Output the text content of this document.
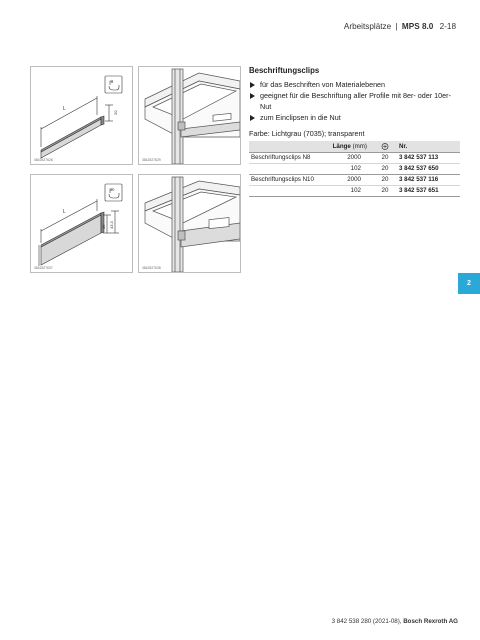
Arbeitsplätze | MPS 8.0 2-18
L
20
8
3842527628	3842527629
L
36 43,3
10
3842527637	3842527638
Beschriftungsclips
für das Beschriften von Materialebenen
geeignet für die Beschriftung aller Profile mit 8er- oder 10er-Nut
zum Einclipsen in die Nut
Farbe: Lichtgrau (7035); transparent
	Länge (mm)		Nr.
Beschriftungsclips N8	2000	20	3 842 537 113
	102	20	3 842 537 650
Beschriftungsclips N10	2000	20	3 842 537 116
	102	20	3 842 537 651
2
3 842 538 280 (2021-08), Bosch Rexroth AG
